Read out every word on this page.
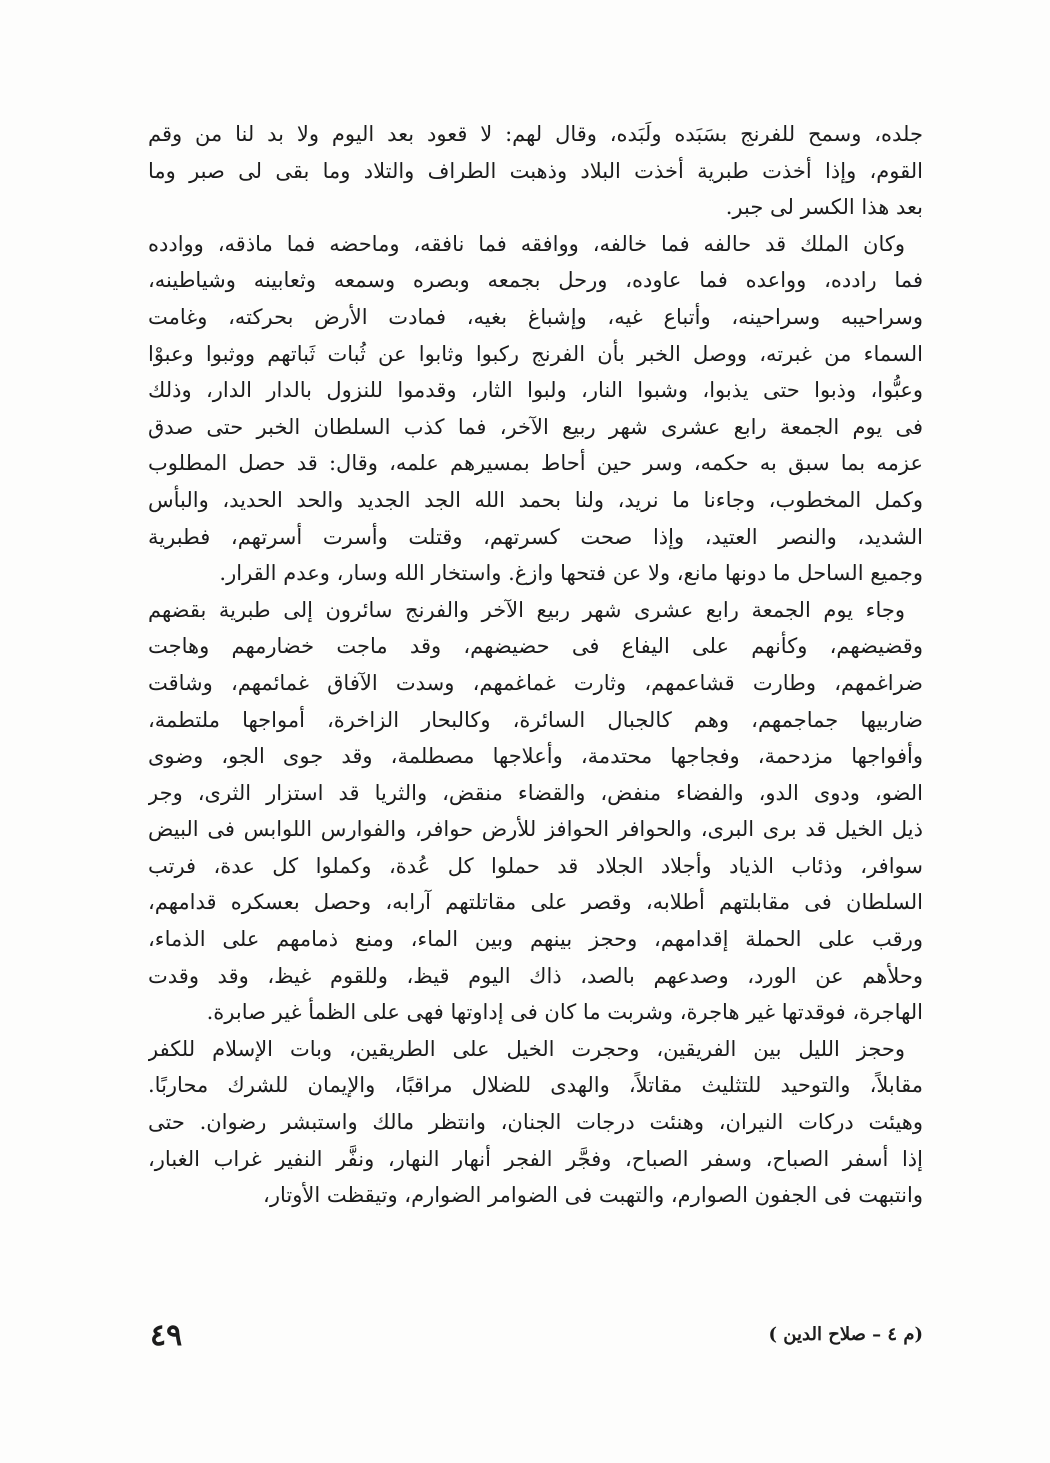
جلده، وسمح للفرنج بسَبَده ولَبَده، وقال لهم: لا قعود بعد اليوم ولا بد لنا من وقم
القوم، وإذا أخذت طبرية أخذت البلاد وذهبت الطراف والتلاد وما بقى لى صبر وما
بعد هذا الكسر لى جبر.
وكان الملك قد حالفه فما خالفه، ووافقه فما نافقه، وماحضه فما ماذقه، ووادده
فما رادده، وواعده فما عاوده، ورحل بجمعه وبصره وسمعه وثعابينه وشياطينه،
وسراحيبه وسراحينه، وأتباع غيه، وإشباغ بغيه، فمادت الأرض بحركته، وغامت
السماء من غبرته، ووصل الخبر بأن الفرنج ركبوا وثابوا عن ثُبات ثَباتهم ووثبوا وعبوْا
وعبُّوا، وذبوا حتى يذبوا، وشبوا النار، ولبوا الثار، وقدموا للنزول بالدار الدار، وذلك
فى يوم الجمعة رابع عشرى شهر ربيع الآخر، فما كذب السلطان الخبر حتى صدق
عزمه بما سبق به حكمه، وسر حين أحاط بمسيرهم علمه، وقال: قد حصل المطلوب
وكمل المخطوب، وجاءنا ما نريد، ولنا بحمد الله الجد الجديد والحد الحديد، والبأس
الشديد، والنصر العتيد، وإذا صحت كسرتهم، وقتلت وأسرت أسرتهم، فطبرية
وجميع الساحل ما دونها مانع، ولا عن فتحها وازغ. واستخار الله وسار، وعدم القرار.
وجاء يوم الجمعة رابع عشرى شهر ربيع الآخر والفرنج سائرون إلى طبرية بقضهم
وقضيضهم، وكأنهم على اليفاع فى حضيضهم، وقد ماجت خضارمهم وهاجت
ضراغمهم، وطارت قشاعمهم، وثارت غماغمهم، وسدت الآفاق غمائمهم، وشاقت
ضاربيها جماجمهم، وهم كالجبال السائرة، وكالبحار الزاخرة، أمواجها ملتطمة،
وأفواجها مزدحمة، وفجاجها محتدمة، وأعلاجها مصطلمة، وقد جوى الجو، وضوى
الضو، ودوى الدو، والفضاء منفض، والقضاء منقض، والثريا قد استزار الثرى، وجر
ذيل الخيل قد برى البرى، والحوافر الحوافز للأرض حوافر، والفوارس اللوابس فى البيض
سوافر، وذئاب الذياد وأجلاد الجلاد قد حملوا كل عُدة، وكملوا كل عدة، فرتب
السلطان فى مقابلتهم أطلابه، وقصر على مقاتلتهم آرابه، وحصل بعسكره قدامهم،
ورقب على الحملة إقدامهم، وحجز بينهم وبين الماء، ومنع ذمامهم على الذماء،
وحلأهم عن الورد، وصدعهم بالصد، ذاك اليوم قيظ، وللقوم غيظ، وقد وقدت
الهاجرة، فوقدتها غير هاجرة، وشربت ما كان فى إداوتها فهى على الظمأ غير صابرة.
وحجز الليل بين الفريقين، وحجرت الخيل على الطريقين، وبات الإسلام للكفر
مقابلاً، والتوحيد للتثليث مقاتلاً، والهدى للضلال مراقبًا، والإيمان للشرك محاربًا.
وهيئت دركات النيران، وهنئت درجات الجنان، وانتظر مالك واستبشر رضوان. حتى
إذا أسفر الصباح، وسفر الصباح، وفجَّر الفجر أنهار النهار، ونفَّر النفير غراب الغبار،
وانتبهت فى الجفون الصوارم، والتهبت فى الضوامر الضوارم، وتيقظت الأوتار،
٤٩	(م ٤ – صلاح الدين )
